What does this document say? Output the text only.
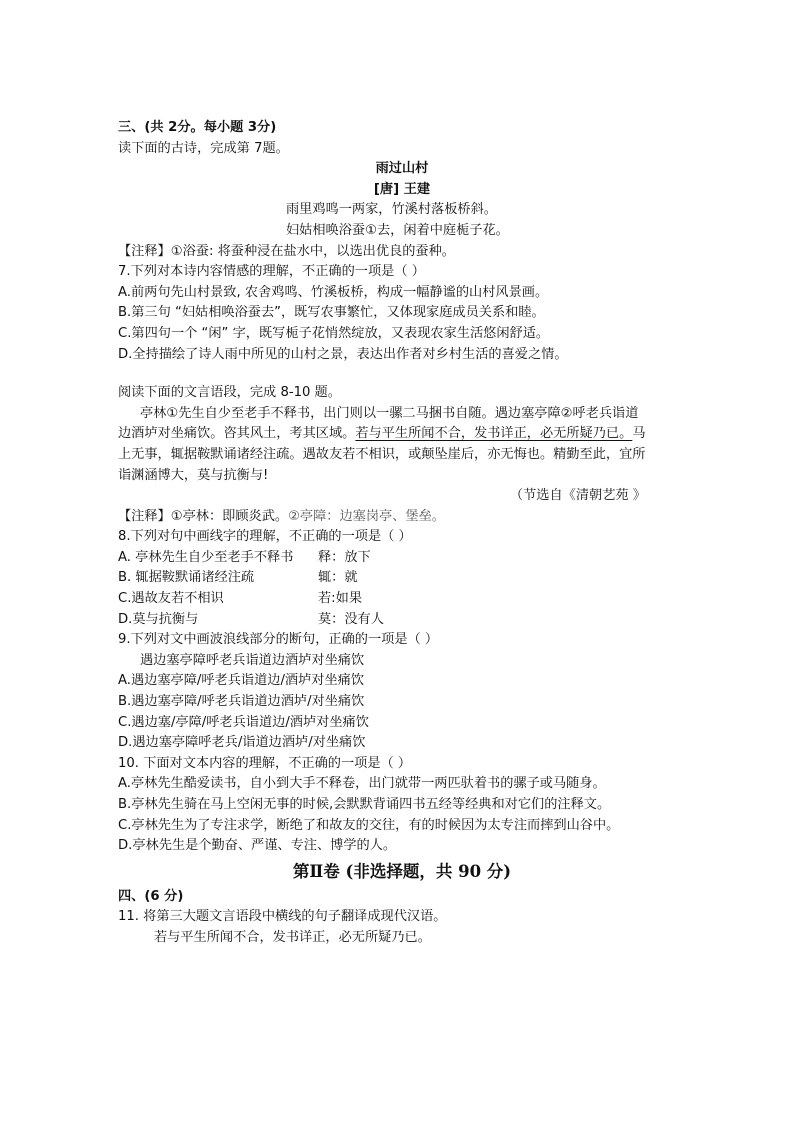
三、(共 2分。每小题 3分)
读下面的古诗，完成第 7题。
雨过山村
[唐] 王建
雨里鸡鸣一两家，竹溪村落板桥斜。
妇姑相唤浴蚕①去，闲着中庭栀子花。
【注释】①浴蚕: 将蚕种浸在盐水中，以选出优良的蚕种。
7.下列对本诗内容情感的理解，不正确的一项是（ ）
A.前两句先山村景致, 农舍鸡鸣、竹溪板桥，构成一幅静谧的山村风景画。
B.第三句 “妇姑相唤浴蚕去”，既写农事繁忙，又体现家庭成员关系和睦。
C.第四句一个 “闲” 字，既写栀子花悄然绽放，又表现农家生活悠闲舒适。
D.全持描绘了诗人雨中所见的山村之景，表达出作者对乡村生活的喜爱之情。
阅读下面的文言语段，完成 8-10 题。
亭林①先生自少至老手不释书，出门则以一骡二马捆书自随。遇边塞亭障②呼老兵诣道
边酒垆对坐痛饮。咨其风土，考其区域。若与平生所闻不合，发书详正，必无所疑乃已。马
上无事，辄据鞍默诵诸经注疏。遇故友若不相识，或颠坠崖后，亦无悔也。精勤至此，宜所
诣渊涵博大，莫与抗衡与!
（节选自《清朝艺苑 》
【注释】①亭林：即顾炎武。②亭障：边塞岗亭、堡垒。
8.下列对句中画线字的理解，不正确的一项是（ ）
A. 亭林先生自少至老手不释书 释：放下
B. 辄据鞍默诵诸经注疏	辄：就
C.遇故友若不相识	若:如果
D.莫与抗衡与	莫：没有人
9.下列对文中画波浪线部分的断句，正确的一项是（ ）
遇边塞亭障呼老兵诣道边酒垆对坐痛饮
A.遇边塞亭障/呼老兵诣道边/酒垆对坐痛饮
B.遇边塞亭障/呼老兵诣道边酒垆/对坐痛饮
C.遇边塞/亭障/呼老兵诣道边/酒垆对坐痛饮
D.遇边塞亭障呼老兵/诣道边酒垆/对坐痛饮
10. 下面对文本内容的理解，不正确的一项是（ ）
A.亭林先生酷爱读书，自小到大手不释卷，出门就带一两匹驮着书的骡子或马随身。
B.亭林先生骑在马上空闲无事的时候,会默默背诵四书五经等经典和对它们的注释文。
C.亭林先生为了专注求学，断绝了和故友的交往，有的时候因为太专注而摔到山谷中。
D.亭林先生是个勤奋、严谨、专注、博学的人。
第Ⅱ卷 (非选择题，共 90 分)
四、(6 分)
11. 将第三大题文言语段中横线的句子翻译成现代汉语。
若与平生所闻不合，发书详正，必无所疑乃已。
